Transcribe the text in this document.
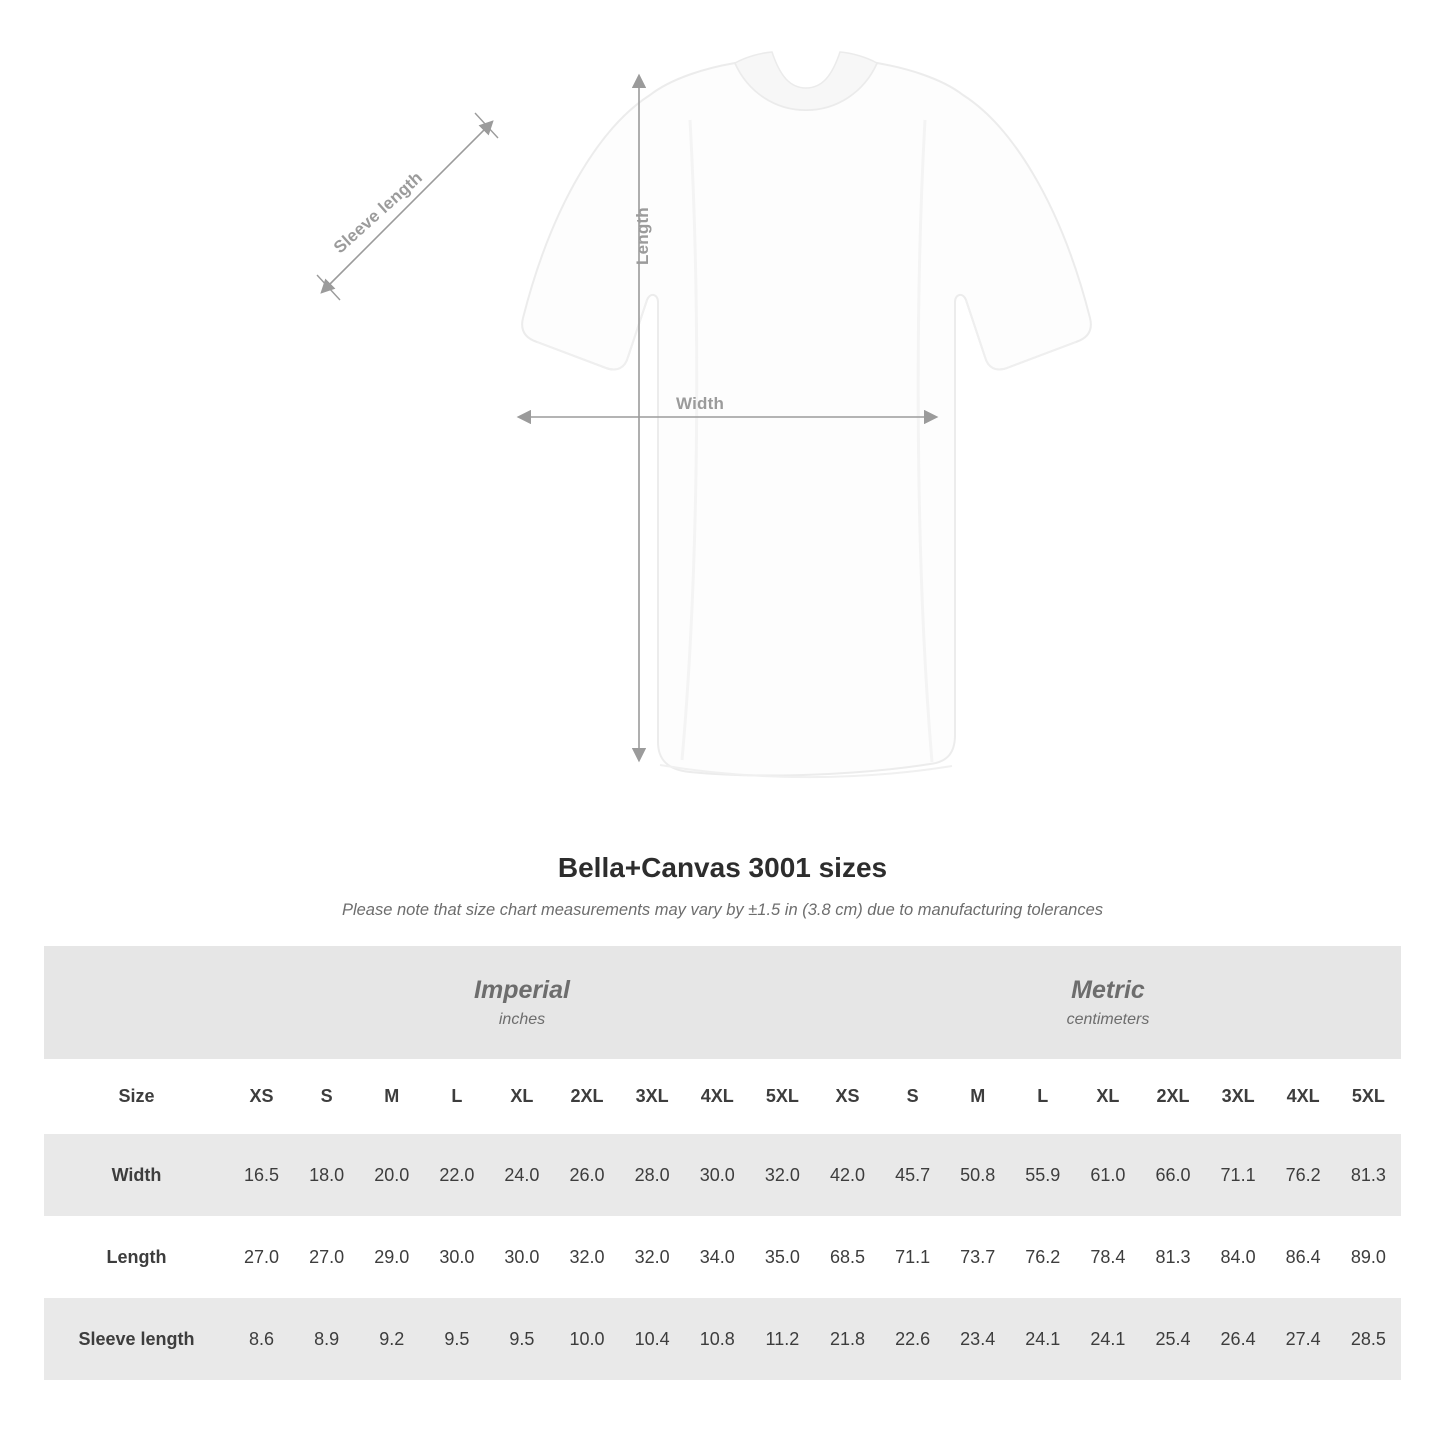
Width
Length
Sleeve length
Bella+Canvas 3001 sizes
Please note that size chart measurements may vary by ±1.5 in (3.8 cm) due to manufacturing tolerances

Imperial
inches

Metric
centimeters

Size	XS	S	M	L	XL	2XL	3XL	4XL	5XL	XS	S	M	L	XL	2XL	3XL	4XL	5XL
Width	16.5	18.0	20.0	22.0	24.0	26.0	28.0	30.0	32.0	42.0	45.7	50.8	55.9	61.0	66.0	71.1	76.2	81.3
Length	27.0	27.0	29.0	30.0	30.0	32.0	32.0	34.0	35.0	68.5	71.1	73.7	76.2	78.4	81.3	84.0	86.4	89.0
Sleeve length	8.6	8.9	9.2	9.5	9.5	10.0	10.4	10.8	11.2	21.8	22.6	23.4	24.1	24.1	25.4	26.4	27.4	28.5
